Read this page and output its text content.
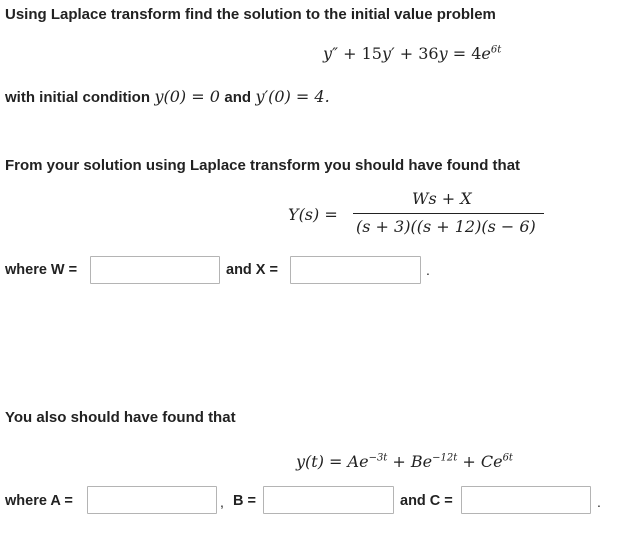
Using Laplace transform find the solution to the initial value problem
$y'' + 15y' + 36y = 4e^{6t}$
with initial condition y(0) = 0 and y′(0) = 4.
From your solution using Laplace transform you should have found that
Y(s) =
Ws + X
(s + 3)((s + 12)(s − 6)
where W =	and X =	.
You also should have found that
$y(t) = Ae^{-3t} + Be^{-12t} + Ce^{6t}$
where A =	, B =	and C =	.
